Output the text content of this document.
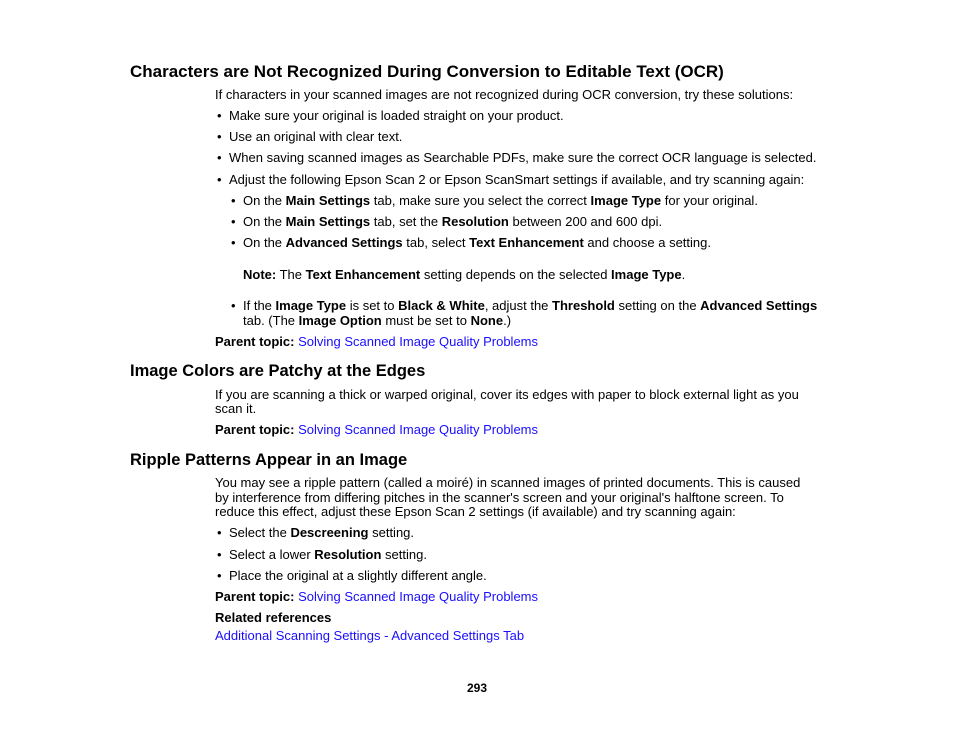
Characters are Not Recognized During Conversion to Editable Text (OCR)

If characters in your scanned images are not recognized during OCR conversion, try these solutions:

• Make sure your original is loaded straight on your product.

• Use an original with clear text.

• When saving scanned images as Searchable PDFs, make sure the correct OCR language is selected.

• Adjust the following Epson Scan 2 or Epson ScanSmart settings if available, and try scanning again:

• On the Main Settings tab, make sure you select the correct Image Type for your original.

• On the Main Settings tab, set the Resolution between 200 and 600 dpi.

• On the Advanced Settings tab, select Text Enhancement and choose a setting.

Note: The Text Enhancement setting depends on the selected Image Type.

• If the Image Type is set to Black & White, adjust the Threshold setting on the Advanced Settings

tab. (The Image Option must be set to None.)

Parent topic: Solving Scanned Image Quality Problems

Image Colors are Patchy at the Edges

If you are scanning a thick or warped original, cover its edges with paper to block external light as you

scan it.

Parent topic: Solving Scanned Image Quality Problems

Ripple Patterns Appear in an Image

You may see a ripple pattern (called a moiré) in scanned images of printed documents. This is caused

by interference from differing pitches in the scanner's screen and your original's halftone screen. To

reduce this effect, adjust these Epson Scan 2 settings (if available) and try scanning again:

• Select the Descreening setting.

• Select a lower Resolution setting.

• Place the original at a slightly different angle.

Parent topic: Solving Scanned Image Quality Problems

Related references

Additional Scanning Settings - Advanced Settings Tab

293
